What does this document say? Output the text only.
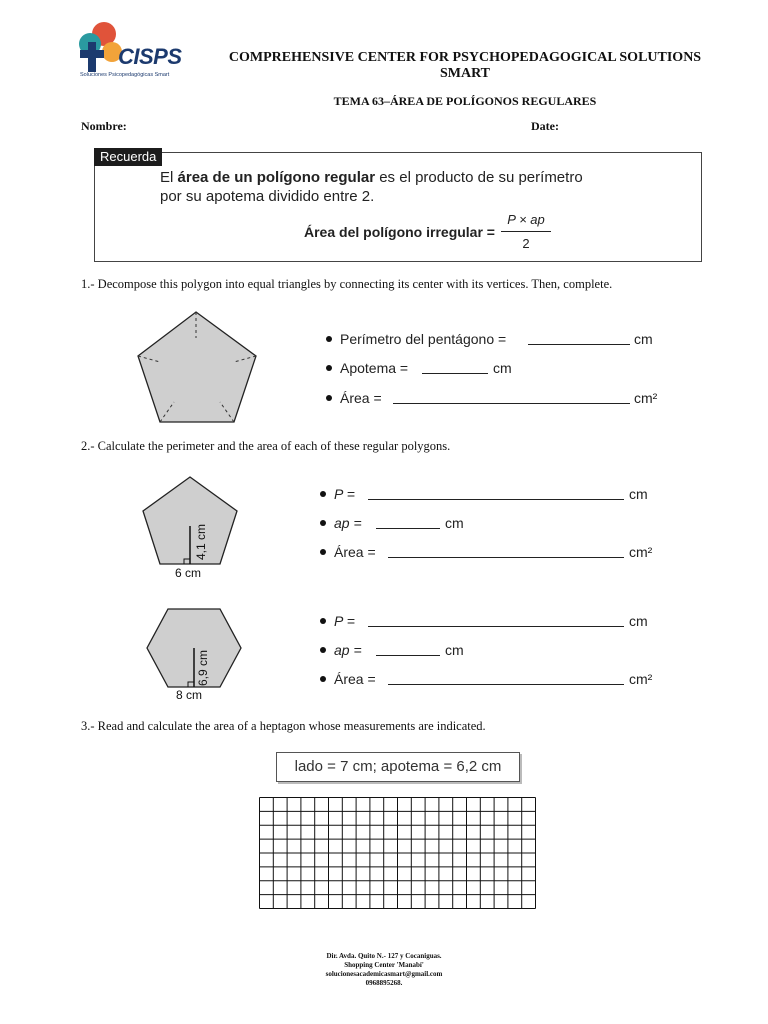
CISPS
Soluciones Psicopedagógicas Smart
COMPREHENSIVE CENTER FOR PSYCHOPEDAGOGICAL SOLUTIONS
SMART
TEMA 63–ÁREA DE POLÍGONOS REGULARES
Nombre:	Date:
Recuerda
El área de un polígono regular es el producto de su perímetro
por su apotema dividido entre 2.
Área del polígono irregular =
P × ap
2
1.- Decompose this polygon into equal triangles by connecting its center with its vertices. Then, complete.
Perímetro del pentágono =	cm
Apotema =	cm
Área =	cm²
2.- Calculate the perimeter and the area of each of these regular polygons.
4,1 cm
6 cm
P =	cm
ap =	cm
Área =	cm²
6,9 cm
8 cm
P =	cm
ap =	cm
Área =	cm²
3.- Read and calculate the area of a heptagon whose measurements are indicated.
lado = 7 cm; apotema = 6,2 cm
Dir. Avda. Quito N.- 127 y Cocaniguas.
Shopping Center 'Manabí'
solucionesacademicasmart@gmail.com
0968895268.
